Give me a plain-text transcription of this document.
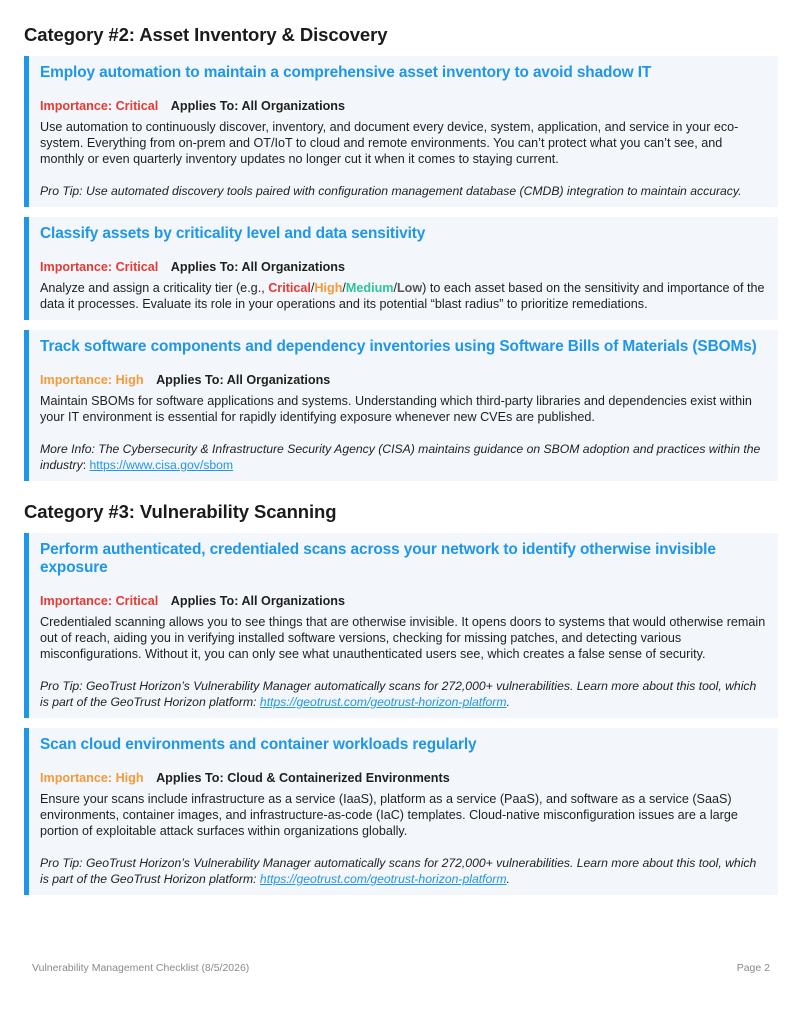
Category #2: Asset Inventory & Discovery
Employ automation to maintain a comprehensive asset inventory to avoid shadow IT
Importance: Critical Applies To: All Organizations
Use automation to continuously discover, inventory, and document every device, system, application, and service in your eco-system. Everything from on-prem and OT/IoT to cloud and remote environments. You can’t protect what you can’t see, and monthly or even quarterly inventory updates no longer cut it when it comes to staying current.
Pro Tip: Use automated discovery tools paired with configuration management database (CMDB) integration to maintain accuracy.
Classify assets by criticality level and data sensitivity
Importance: Critical Applies To: All Organizations
Analyze and assign a criticality tier (e.g., Critical/High/Medium/Low) to each asset based on the sensitivity and importance of the data it processes. Evaluate its role in your operations and its potential “blast radius” to prioritize remediations.
Track software components and dependency inventories using Software Bills of Materials (SBOMs)
Importance: High Applies To: All Organizations
Maintain SBOMs for software applications and systems. Understanding which third-party libraries and dependencies exist within your IT environment is essential for rapidly identifying exposure whenever new CVEs are published.
More Info: The Cybersecurity & Infrastructure Security Agency (CISA) maintains guidance on SBOM adoption and practices within the industry: https://www.cisa.gov/sbom
Category #3: Vulnerability Scanning
Perform authenticated, credentialed scans across your network to identify otherwise invisible exposure
Importance: Critical Applies To: All Organizations
Credentialed scanning allows you to see things that are otherwise invisible. It opens doors to systems that would otherwise remain out of reach, aiding you in verifying installed software versions, checking for missing patches, and detecting various misconfigurations. Without it, you can only see what unauthenticated users see, which creates a false sense of security.
Pro Tip: GeoTrust Horizon’s Vulnerability Manager automatically scans for 272,000+ vulnerabilities. Learn more about this tool, which is part of the GeoTrust Horizon platform: https://geotrust.com/geotrust-horizon-platform.
Scan cloud environments and container workloads regularly
Importance: High Applies To: Cloud & Containerized Environments
Ensure your scans include infrastructure as a service (IaaS), platform as a service (PaaS), and software as a service (SaaS) environments, container images, and infrastructure-as-code (IaC) templates. Cloud-native misconfiguration issues are a large portion of exploitable attack surfaces within organizations globally.
Pro Tip: GeoTrust Horizon’s Vulnerability Manager automatically scans for 272,000+ vulnerabilities. Learn more about this tool, which is part of the GeoTrust Horizon platform: https://geotrust.com/geotrust-horizon-platform.
Vulnerability Management Checklist (8/5/2026)	Page 2
